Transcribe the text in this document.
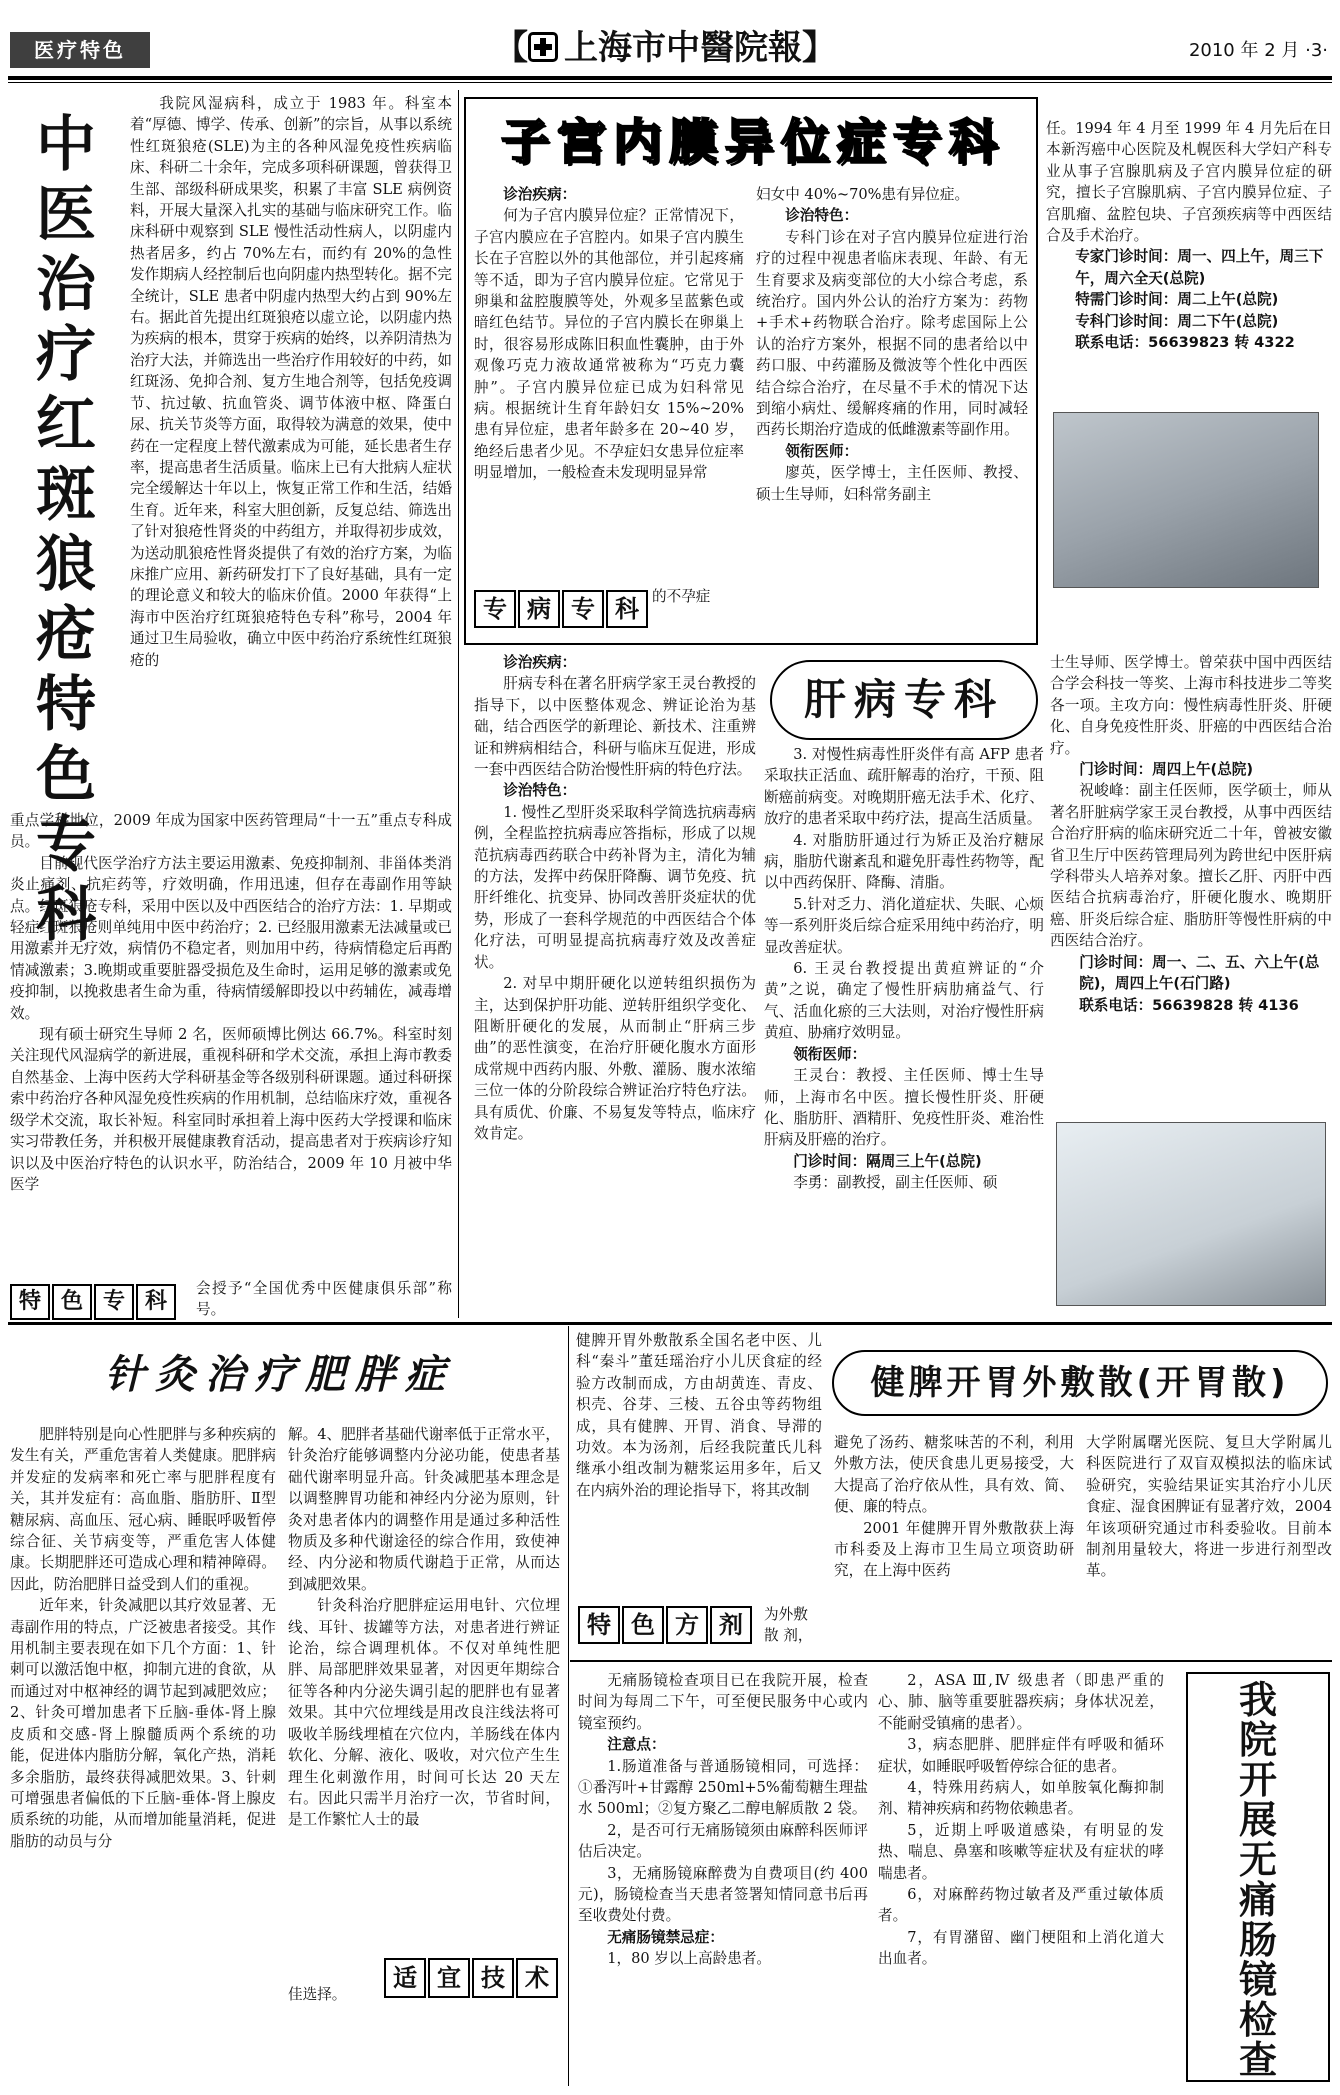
医疗特色	【 上海市中醫院報】	2010 年 2 月 ·3·
中
医
治
疗
红
斑
狼
疮
特
色
专
科

我院风湿病科，成立于 1983 年。科室本着“厚德、博学、传承、创新”的宗旨，从事以系统性红斑狼疮(SLE)为主的各种风湿免疫性疾病临床、科研二十余年，完成多项科研课题，曾获得卫生部、部级科研成果奖，积累了丰富 SLE 病例资料，开展大量深入扎实的基础与临床研究工作。临床科研中观察到 SLE 慢性活动性病人，以阴虚内热者居多，约占 70%左右，而约有 20%的急性发作期病人经控制后也向阴虚内热型转化。据不完全统计，SLE 患者中阴虚内热型大约占到 90%左右。据此首先提出红斑狼疮以虚立论，以阴虚内热为疾病的根本，贯穿于疾病的始终，以养阴清热为治疗大法，并筛选出一些治疗作用较好的中药，如红斑汤、免抑合剂、复方生地合剂等，包括免疫调节、抗过敏、抗血管炎、调节体液中枢、降蛋白尿、抗关节炎等方面，取得较为满意的效果，使中药在一定程度上替代激素成为可能，延长患者生存率，提高患者生活质量。临床上已有大批病人症状完全缓解达十年以上，恢复正常工作和生活，结婚生育。近年来，科室大胆创新，反复总结、筛选出了针对狼疮性肾炎的中药组方，并取得初步成效，为送动肌狼疮性肾炎提供了有效的治疗方案，为临床推广应用、新药研发打下了良好基础，具有一定的理论意义和较大的临床价值。2000 年获得“上海市中医治疗红斑狼疮特色专科”称号，2004 年通过卫生局验收，确立中医中药治疗系统性红斑狼疮的

重点学科地位，2009 年成为国家中医药管理局“十一五”重点专科成员。

目前现代医学治疗方法主要运用激素、免疫抑制剂、非甾体类消炎止痛剂、抗疟药等，疗效明确，作用迅速，但存在毒副作用等缺点。红斑狼疮专科，采用中医以及中西医结合的治疗方法：1. 早期或轻症红斑狼疮则单纯用中医中药治疗；2. 已经服用激素无法减量或已用激素并无疗效，病情仍不稳定者，则加用中药，待病情稳定后再酌情减激素；3.晚期或重要脏器受损危及生命时，运用足够的激素或免疫抑制，以挽救患者生命为重，待病情缓解即投以中药辅佐，减毒增效。

现有硕士研究生导师 2 名，医师硕博比例达 66.7%。科室时刻关注现代风湿病学的新进展，重视科研和学术交流，承担上海市教委自然基金、上海中医药大学科研基金等各级别科研课题。通过科研探索中药治疗各种风湿免疫性疾病的作用机制，总结临床疗效，重视各级学术交流，取长补短。科室同时承担着上海中医药大学授课和临床实习带教任务，并积极开展健康教育活动，提高患者对于疾病诊疗知识以及中医治疗特色的认识水平，防治结合，2009 年 10 月被中华医学

特 色 专 科

会授予“全国优秀中医健康俱乐部”称号。

子宫内膜异位症专科

诊治疾病：

何为子宫内膜异位症？正常情况下，子宫内膜应在子宫腔内。如果子宫内膜生长在子宫腔以外的其他部位，并引起疼痛等不适，即为子宫内膜异位症。它常见于卵巢和盆腔腹膜等处，外观多呈蓝紫色或暗红色结节。异位的子宫内膜长在卵巢上时，很容易形成陈旧积血性囊肿，由于外观像巧克力液故通常被称为“巧克力囊肿”。子宫内膜异位症已成为妇科常见病。根据统计生育年龄妇女 15%~20%患有异位症，患者年龄多在 20~40 岁，绝经后患者少见。不孕症妇女患异位症率明显增加，一般检查未发现明显异常

专 病 专 科 的不孕症

妇女中 40%~70%患有异位症。

诊治特色：

专科门诊在对子宫内膜异位症进行治疗的过程中视患者临床表现、年龄、有无生育要求及病变部位的大小综合考虑，系统治疗。国内外公认的治疗方案为：药物+手术+药物联合治疗。除考虑国际上公认的治疗方案外，根据不同的患者给以中药口服、中药灌肠及微波等个性化中西医结合综合治疗，在尽量不手术的情况下达到缩小病灶、缓解疼痛的作用，同时减轻西药长期治疗造成的低雌激素等副作用。

领衔医师：

廖英，医学博士，主任医师、教授、硕士生导师，妇科常务副主

任。1994 年 4 月至 1999 年 4 月先后在日本新泻癌中心医院及札幌医科大学妇产科专业从事子宫腺肌病及子宫内膜异位症的研究，擅长子宫腺肌病、子宫内膜异位症、子宫肌瘤、盆腔包块、子宫颈疾病等中西医结合及手术治疗。

专家门诊时间：周一、四上午，周三下午，周六全天(总院)

特需门诊时间：周二上午(总院)

专科门诊时间：周二下午(总院)

联系电话：56639823 转 4322

肝病专科

诊治疾病：

肝病专科在著名肝病学家王灵台教授的指导下，以中医整体观念、辨证论治为基础，结合西医学的新理论、新技术、注重辨证和辨病相结合，科研与临床互促进，形成一套中西医结合防治慢性肝病的特色疗法。

诊治特色：

1. 慢性乙型肝炎采取科学简选抗病毒病例，全程监控抗病毒应答指标，形成了以规范抗病毒西药联合中药补肾为主，清化为辅的方法，发挥中药保肝降酶、调节免疫、抗肝纤维化、抗变异、协同改善肝炎症状的优势，形成了一套科学规范的中西医结合个体化疗法，可明显提高抗病毒疗效及改善症状。

2. 对早中期肝硬化以逆转组织损伤为主，达到保护肝功能、逆转肝组织学变化、阻断肝硬化的发展，从而制止“肝病三步曲”的恶性演变，在治疗肝硬化腹水方面形成常规中西药内服、外敷、灌肠、腹水浓缩三位一体的分阶段综合辨证治疗特色疗法。具有质优、价廉、不易复发等特点，临床疗效肯定。

3. 对慢性病毒性肝炎伴有高 AFP 患者采取扶正活血、疏肝解毒的治疗，干预、阻断癌前病变。对晚期肝癌无法手术、化疗、放疗的患者采取中药疗法，提高生活质量。

4. 对脂肪肝通过行为矫正及治疗糖尿病，脂肪代谢紊乱和避免肝毒性药物等，配以中西药保肝、降酶、清脂。

5.针对乏力、消化道症状、失眠、心烦等一系列肝炎后综合症采用纯中药治疗，明显改善症状。

6. 王灵台教授提出黄疸辨证的“介黄”之说，确定了慢性肝病肋痛益气、行气、活血化瘀的三大法则，对治疗慢性肝病黄疸、胁痛疗效明显。

领衔医师：

王灵台：教授、主任医师、博士生导师，上海市名中医。擅长慢性肝炎、肝硬化、脂肪肝、酒精肝、免疫性肝炎、难治性肝病及肝癌的治疗。

门诊时间：隔周三上午(总院)

李勇：副教授，副主任医师、硕

士生导师、医学博士。曾荣获中国中西医结合学会科技一等奖、上海市科技进步二等奖各一项。主攻方向：慢性病毒性肝炎、肝硬化、自身免疫性肝炎、肝癌的中西医结合治疗。

门诊时间：周四上午(总院)

祝峻峰：副主任医师，医学硕士，师从著名肝脏病学家王灵台教授，从事中西医结合治疗肝病的临床研究近二十年，曾被安徽省卫生厅中医药管理局列为跨世纪中医肝病学科带头人培养对象。擅长乙肝、丙肝中西医结合抗病毒治疗，肝硬化腹水、晚期肝癌、肝炎后综合症、脂肪肝等慢性肝病的中西医结合治疗。

门诊时间：周一、二、五、六上午(总院)，周四上午(石门路)

联系电话：56639828 转 4136

针灸治疗肥胖症

肥胖特别是向心性肥胖与多种疾病的发生有关，严重危害着人类健康。肥胖病并发症的发病率和死亡率与肥胖程度有关，其并发症有：高血脂、脂肪肝、Ⅱ型糖尿病、高血压、冠心病、睡眠呼吸暂停综合征、关节病变等，严重危害人体健康。长期肥胖还可造成心理和精神障碍。因此，防治肥胖日益受到人们的重视。

近年来，针灸减肥以其疗效显著、无毒副作用的特点，广泛被患者接受。其作用机制主要表现在如下几个方面：1、针刺可以激活饱中枢，抑制亢进的食欲，从而通过对中枢神经的调节起到减肥效应；2、针灸可增加患者下丘脑-垂体-肾上腺皮质和交感-肾上腺髓质两个系统的功能，促进体内脂肪分解，氧化产热，消耗多余脂肪，最终获得减肥效果。3、针刺可增强患者偏低的下丘脑-垂体-肾上腺皮质系统的功能，从而增加能量消耗，促进脂肪的动员与分

解。4、肥胖者基础代谢率低于正常水平，针灸治疗能够调整内分泌功能，使患者基础代谢率明显升高。针灸减肥基本理念是以调整脾胃功能和神经内分泌为原则，针灸对患者体内的调整作用是通过多种活性物质及多种代谢途径的综合作用，致使神经、内分泌和物质代谢趋于正常，从而达到减肥效果。

针灸科治疗肥胖症运用电针、穴位埋线、耳针、拔罐等方法，对患者进行辨证论治，综合调理机体。不仅对单纯性肥胖、局部肥胖效果显著，对因更年期综合征等各种内分泌失调引起的肥胖也有显著效果。其中穴位埋线是用改良注线法将可吸收羊肠线埋植在穴位内，羊肠线在体内软化、分解、液化、吸收，对穴位产生生理生化刺激作用，时间可长达 20 天左右。因此只需半月治疗一次，节省时间，是工作繁忙人士的最

佳选择。

适 宜 技 术

健脾开胃外敷散系全国名老中医、儿科“秦斗”董廷瑶治疗小儿厌食症的经验方改制而成，方由胡黄连、青皮、枳壳、谷芽、三棱、五谷虫等药物组成，具有健脾、开胃、消食、导滞的功效。本为汤剂，后经我院董氏儿科继承小组改制为糖浆运用多年，后又在内病外治的理论指导下，将其改制

特 色 方 剂	为外敷

散 剂，

健脾开胃外敷散(开胃散)

避免了汤药、糖浆味苦的不利，利用外敷方法，使厌食患儿更易接受，大大提高了治疗依从性，具有效、简、便、廉的特点。

2001 年健脾开胃外敷散获上海市科委及上海市卫生局立项资助研究，在上海中医药

大学附属曙光医院、复旦大学附属儿科医院进行了双盲双模拟法的临床试验研究，实验结果证实其治疗小儿厌食症、湿食困脾证有显著疗效，2004 年该项研究通过市科委验收。目前本制剂用量较大，将进一步进行剂型改革。

无痛肠镜检查项目已在我院开展，检查时间为每周二下午，可至便民服务中心或内镜室预约。

注意点：

1.肠道准备与普通肠镜相同，可选择：①番泻叶+甘露醇 250ml+5%葡萄糖生理盐水 500ml；②复方聚乙二醇电解质散 2 袋。

2，是否可行无痛肠镜须由麻醉科医师评估后决定。

3，无痛肠镜麻醉费为自费项目(约 400 元)，肠镜检查当天患者签署知情同意书后再至收费处付费。

无痛肠镜禁忌症：

1，80 岁以上高龄患者。

2，ASA Ⅲ,Ⅳ 级患者（即患严重的心、肺、脑等重要脏器疾病；身体状况差，不能耐受镇痛的患者）。

3，病态肥胖、肥胖症伴有呼吸和循环症状，如睡眠呼吸暂停综合征的患者。

4，特殊用药病人，如单胺氧化酶抑制剂、精神疾病和药物依赖患者。

5，近期上呼吸道感染，有明显的发热、喘息、鼻塞和咳嗽等症状及有症状的哮喘患者。

6，对麻醉药物过敏者及严重过敏体质者。

7，有胃潴留、幽门梗阻和上消化道大出血者。

我
院
开
展
无
痛
肠
镜
检
查
